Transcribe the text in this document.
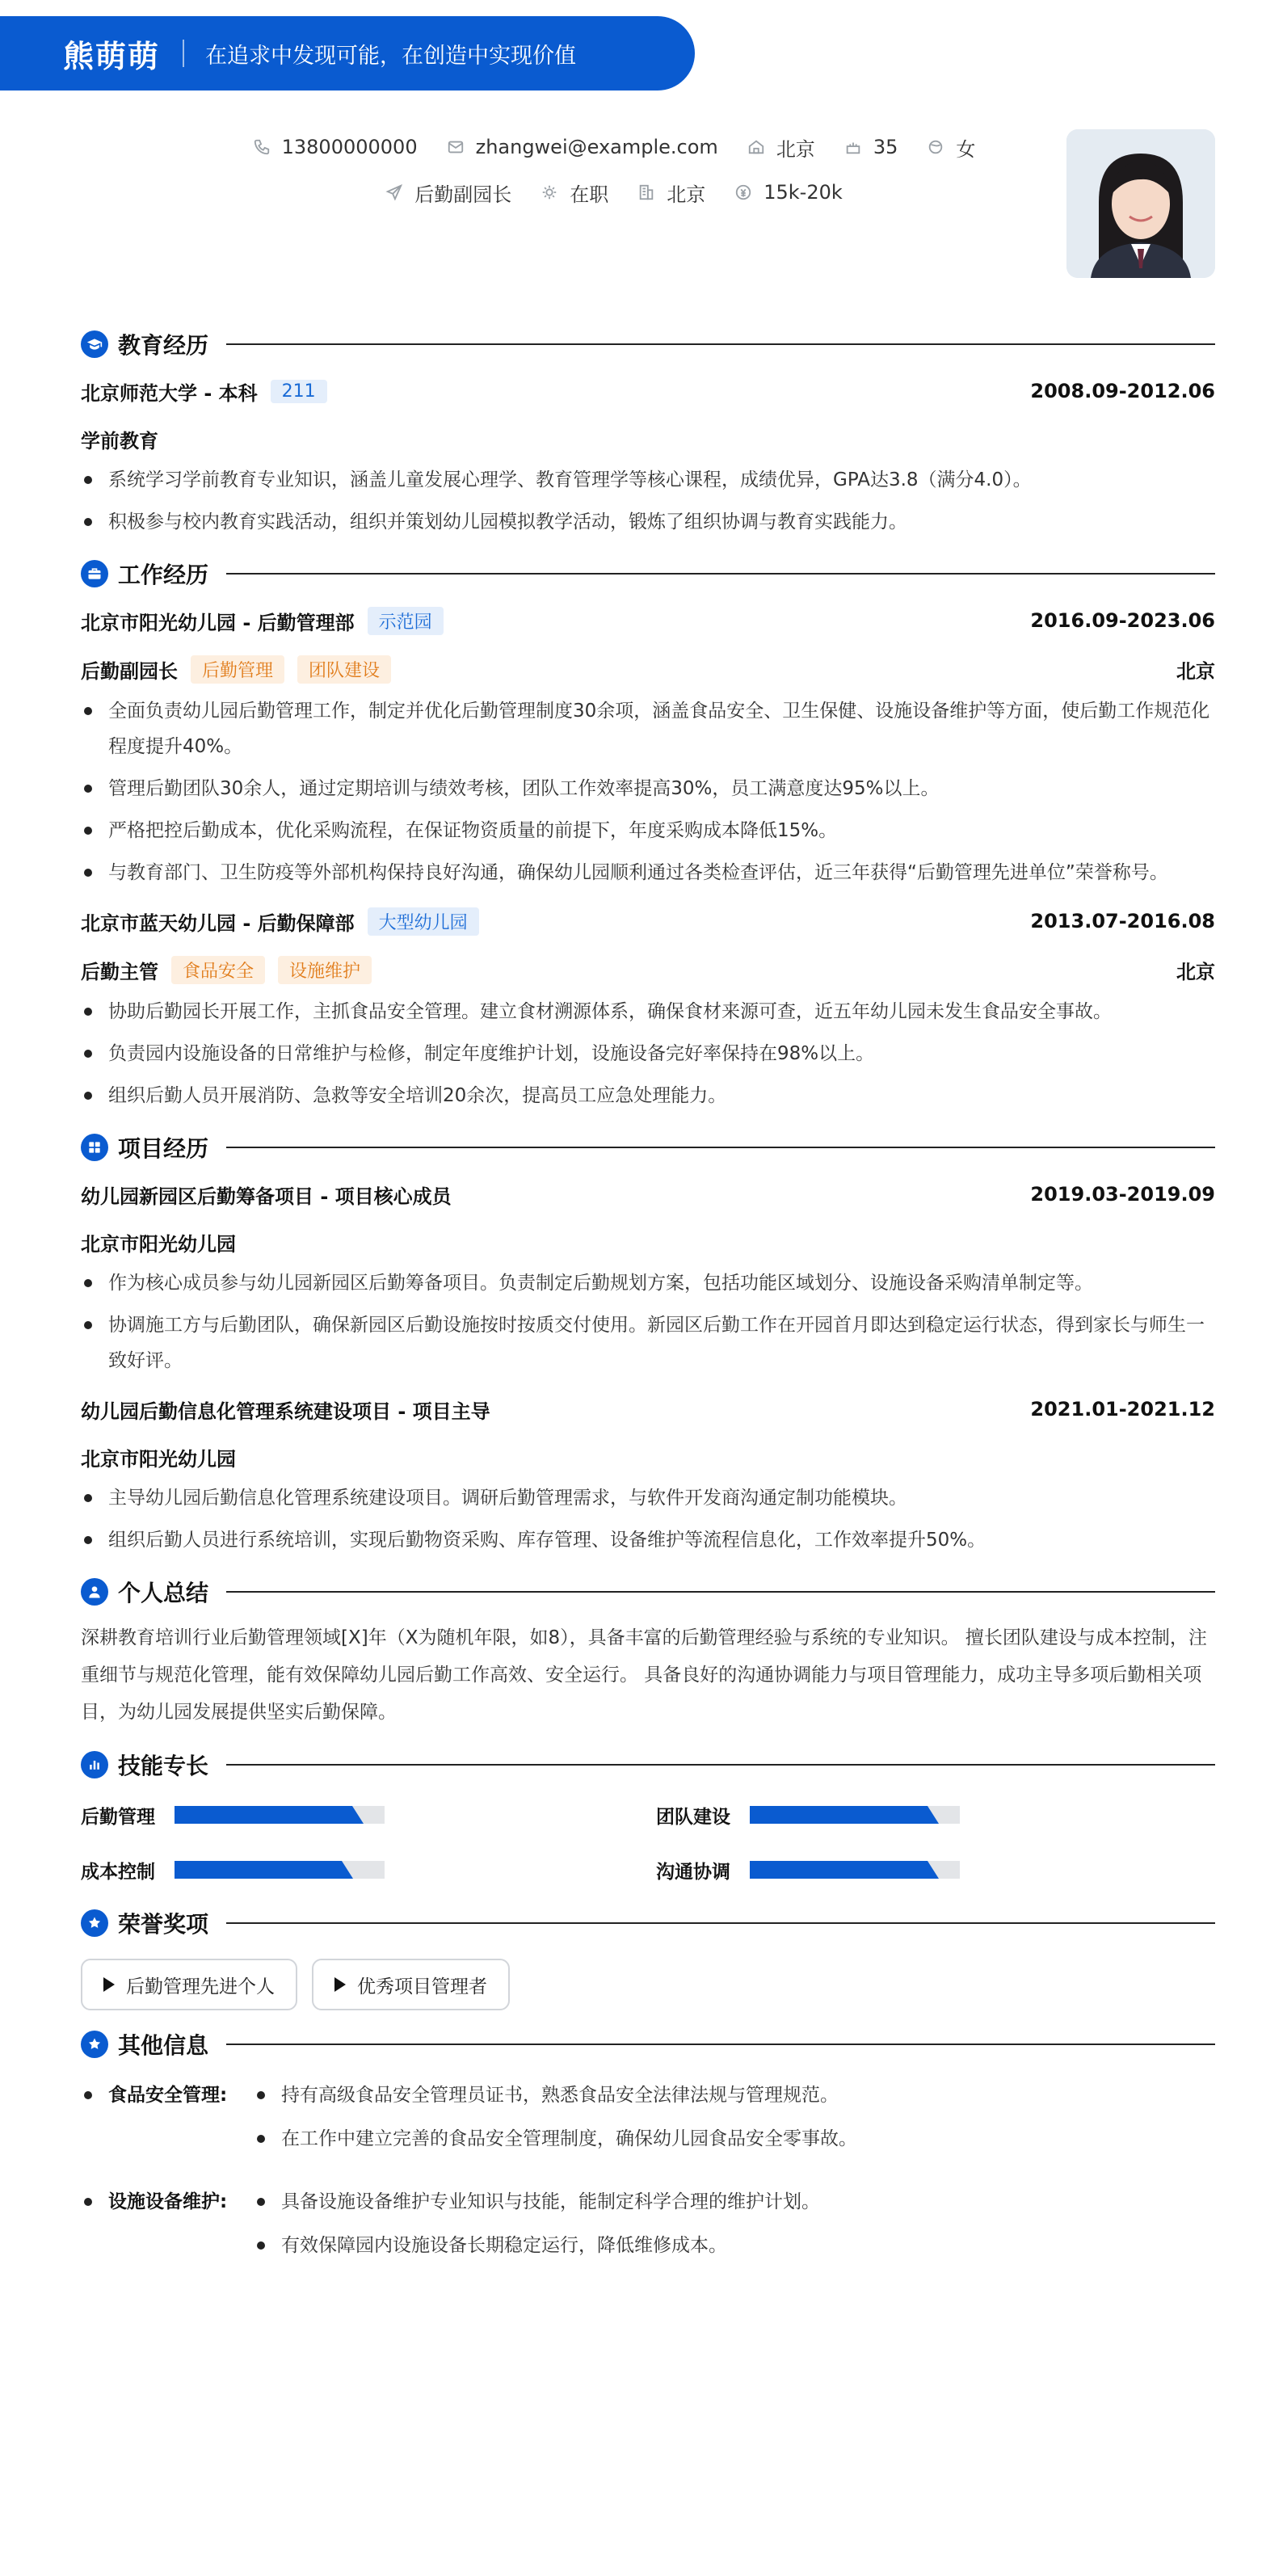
熊萌萌 在追求中发现可能，在创造中实现价值
13800000000	zhangwei@example.com	北京	35	女
后勤副园长	在职	北京	15k-20k
教育经历
北京师范大学 - 本科	211	2008.09-2012.06
学前教育
系统学习学前教育专业知识，涵盖儿童发展心理学、教育管理学等核心课程，成绩优异，GPA达3.8（满分4.0）。
积极参与校内教育实践活动，组织并策划幼儿园模拟教学活动，锻炼了组织协调与教育实践能力。
工作经历
北京市阳光幼儿园 - 后勤管理部	示范园	2016.09-2023.06
后勤副园长	后勤管理	团队建设	北京
全面负责幼儿园后勤管理工作，制定并优化后勤管理制度30余项，涵盖食品安全、卫生保健、设施设备维护等方面，使后勤工作规范化程度提升40%。
管理后勤团队30余人，通过定期培训与绩效考核，团队工作效率提高30%，员工满意度达95%以上。
严格把控后勤成本，优化采购流程，在保证物资质量的前提下，年度采购成本降低15%。
与教育部门、卫生防疫等外部机构保持良好沟通，确保幼儿园顺利通过各类检查评估，近三年获得“后勤管理先进单位”荣誉称号。
北京市蓝天幼儿园 - 后勤保障部	大型幼儿园	2013.07-2016.08
后勤主管	食品安全	设施维护	北京
协助后勤园长开展工作，主抓食品安全管理。建立食材溯源体系，确保食材来源可查，近五年幼儿园未发生食品安全事故。
负责园内设施设备的日常维护与检修，制定年度维护计划，设施设备完好率保持在98%以上。
组织后勤人员开展消防、急救等安全培训20余次，提高员工应急处理能力。
项目经历
幼儿园新园区后勤筹备项目 - 项目核心成员	2019.03-2019.09
北京市阳光幼儿园
作为核心成员参与幼儿园新园区后勤筹备项目。负责制定后勤规划方案，包括功能区域划分、设施设备采购清单制定等。
协调施工方与后勤团队，确保新园区后勤设施按时按质交付使用。新园区后勤工作在开园首月即达到稳定运行状态，得到家长与师生一致好评。
幼儿园后勤信息化管理系统建设项目 - 项目主导	2021.01-2021.12
北京市阳光幼儿园
主导幼儿园后勤信息化管理系统建设项目。调研后勤管理需求，与软件开发商沟通定制功能模块。
组织后勤人员进行系统培训，实现后勤物资采购、库存管理、设备维护等流程信息化，工作效率提升50%。
个人总结

深耕教育培训行业后勤管理领域[X]年（X为随机年限，如8），具备丰富的后勤管理经验与系统的专业知识。 擅长团队建设与成本控制，注重细节与规范化管理，能有效保障幼儿园后勤工作高效、安全运行。 具备良好的沟通协调能力与项目管理能力，成功主导多项后勤相关项目，为幼儿园发展提供坚实后勤保障。

技能专长
后勤管理	团队建设
成本控制	沟通协调
荣誉奖项
后勤管理先进个人	优秀项目管理者
其他信息
食品安全管理:	持有高级食品安全管理员证书，熟悉食品安全法律法规与管理规范。
在工作中建立完善的食品安全管理制度，确保幼儿园食品安全零事故。
设施设备维护:	具备设施设备维护专业知识与技能，能制定科学合理的维护计划。
有效保障园内设施设备长期稳定运行，降低维修成本。
